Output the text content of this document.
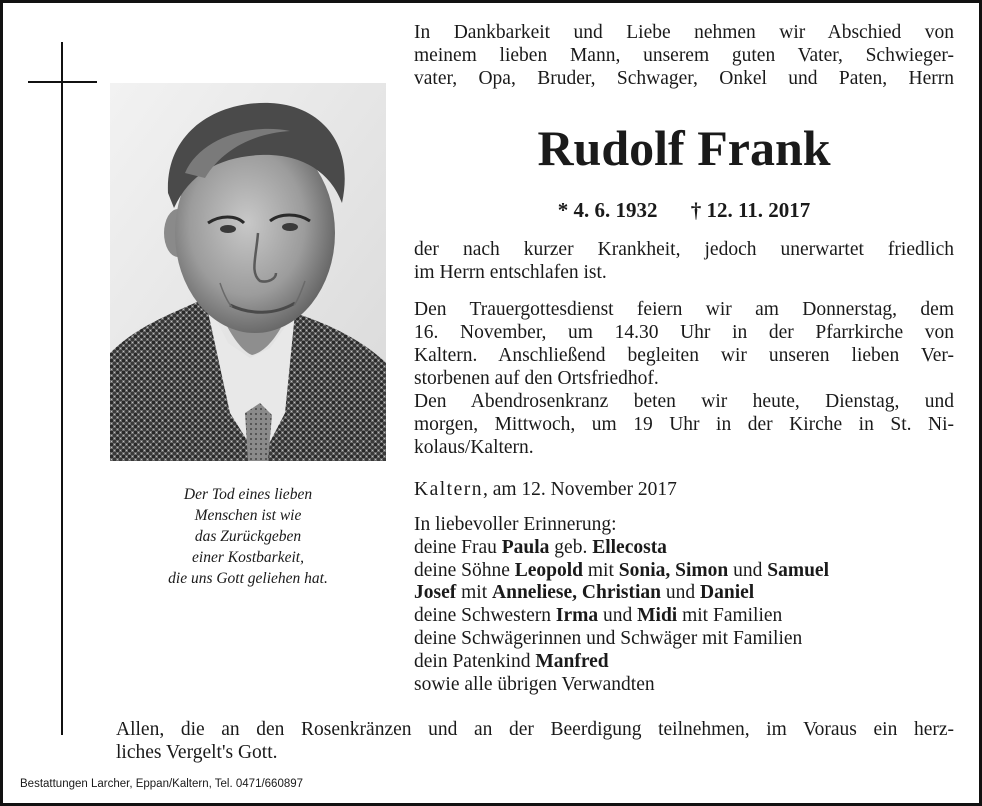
Der Tod eines lieben
Menschen ist wie
das Zurückgeben
einer Kostbarkeit,
die uns Gott geliehen hat.

In Dankbarkeit und Liebe nehmen wir Abschied von
meinem lieben Mann, unserem guten Vater, Schwieger-
vater, Opa, Bruder, Schwager, Onkel und Paten, Herrn

Rudolf Frank
* 4. 6. 1932 † 12. 11. 2017

der nach kurzer Krankheit, jedoch unerwartet friedlich
im Herrn entschlafen ist.

Den Trauergottesdienst feiern wir am Donnerstag, dem
16. November, um 14.30 Uhr in der Pfarrkirche von
Kaltern. Anschließend begleiten wir unseren lieben Ver-
storbenen auf den Ortsfriedhof.
Den Abendrosenkranz beten wir heute, Dienstag, und
morgen, Mittwoch, um 19 Uhr in der Kirche in St. Ni-
kolaus/Kaltern.

Kaltern, am 12. November 2017
In liebevoller Erinnerung:
deine Frau Paula geb. Ellecosta
deine Söhne Leopold mit Sonia, Simon und Samuel
Josef mit Anneliese, Christian und Daniel
deine Schwestern Irma und Midi mit Familien
deine Schwägerinnen und Schwäger mit Familien
dein Patenkind Manfred
sowie alle übrigen Verwandten
Allen, die an den Rosenkränzen und an der Beerdigung teilnehmen, im Voraus ein herz-
liches Vergelt's Gott.
Bestattungen Larcher, Eppan/Kaltern, Tel. 0471/660897
